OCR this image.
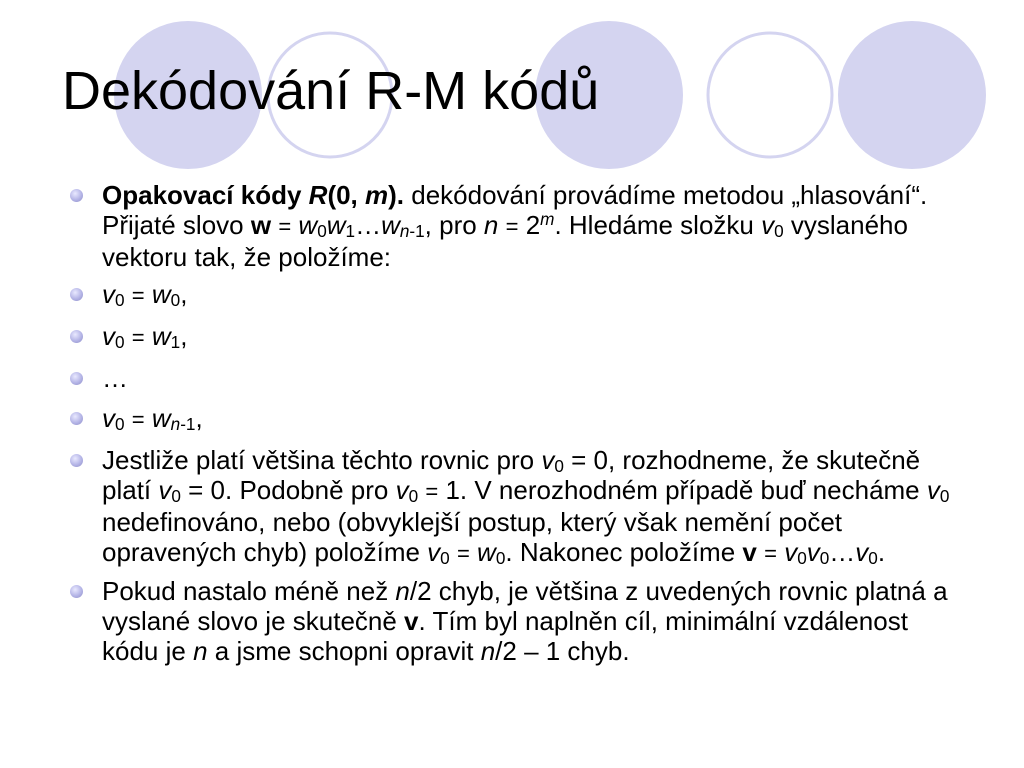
Dekódování R-M kódů
Opakovací kódy R(0, m). dekódování provádíme metodou „hlasování“. Přijaté slovo $w = w_0w_1\dots w_{n-1}$, pro $n = 2^m$. Hledáme složku $v_0$ vyslaného vektoru tak, že položíme:
$v_0 = w_0$,
$v_0 = w_1$,
…
$v_0 = w_{n-1}$,
Jestliže platí většina těchto rovnic pro $v_0 = 0$, rozhodneme, že skutečně platí $v_0 = 0$. Podobně pro $v_0 = 1$. V nerozhodném případě buď necháme $v_0$ nedefinováno, nebo (obvyklejší postup, který však nemění počet opravených chyb) položíme $v_0 = w_0$. Nakonec položíme $v = v_0v_0\dots v_0$.
Pokud nastalo méně než n/2 chyb, je většina z uvedených rovnic platná a vyslané slovo je skutečně v. Tím byl naplněn cíl, minimální vzdálenost kódu je n a jsme schopni opravit n/2 – 1 chyb.
